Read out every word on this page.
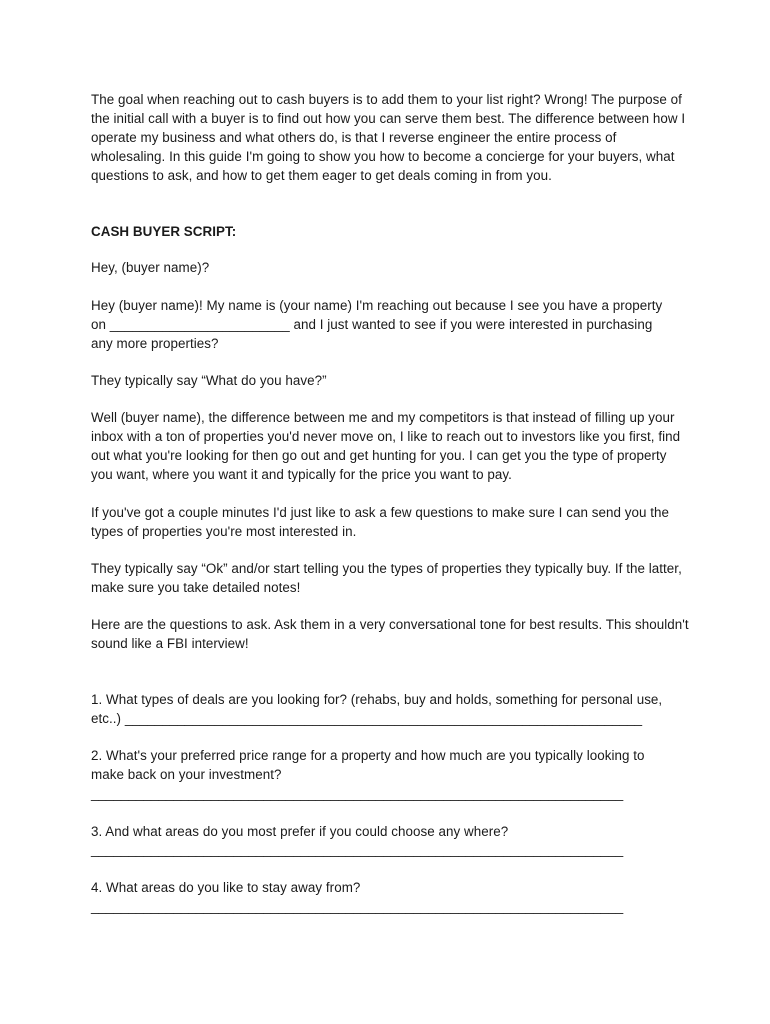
The goal when reaching out to cash buyers is to add them to your list right? Wrong! The purpose of the initial call with a buyer is to find out how you can serve them best. The difference between how I operate my business and what others do, is that I reverse engineer the entire process of wholesaling. In this guide I'm going to show you how to become a concierge for your buyers, what questions to ask, and how to get them eager to get deals coming in from you.

CASH BUYER SCRIPT:

Hey, (buyer name)?

Hey (buyer name)! My name is (your name) I'm reaching out because I see you have a property
on ________________________ and I just wanted to see if you were interested in purchasing
any more properties?

They typically say “What do you have?”

Well (buyer name), the difference between me and my competitors is that instead of filling up your inbox with a ton of properties you'd never move on, I like to reach out to investors like you first, find out what you're looking for then go out and get hunting for you. I can get you the type of property you want, where you want it and typically for the price you want to pay.

If you've got a couple minutes I'd just like to ask a few questions to make sure I can send you the types of properties you're most interested in.

They typically say “Ok” and/or start telling you the types of properties they typically buy. If the latter, make sure you take detailed notes!

Here are the questions to ask. Ask them in a very conversational tone for best results. This shouldn't sound like a FBI interview!

1. What types of deals are you looking for? (rehabs, buy and holds, something for personal use,
etc..) _____________________________________________________________________

2. What's your preferred price range for a property and how much are you typically looking to
make back on your investment?
_______________________________________________________________________

3. And what areas do you most prefer if you could choose any where?
_______________________________________________________________________

4. What areas do you like to stay away from?
_______________________________________________________________________
